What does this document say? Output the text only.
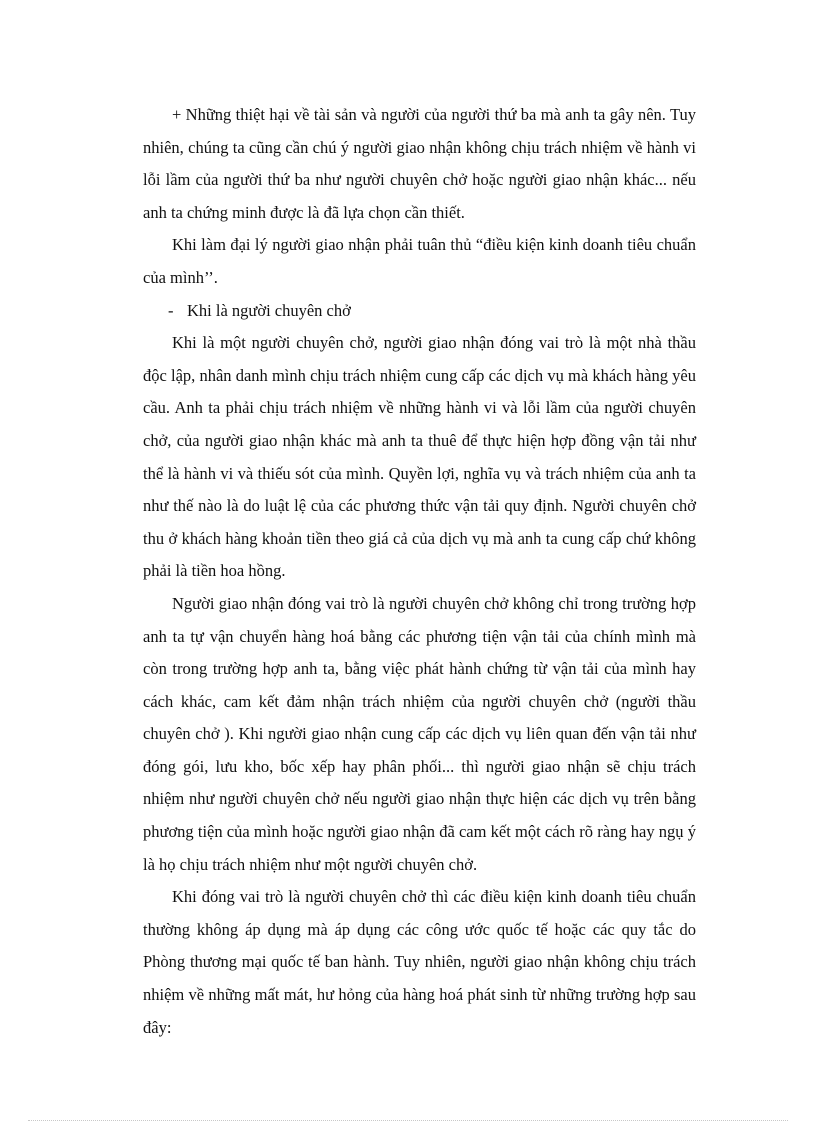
+ Những thiệt hại về tài sản và người của người thứ ba mà anh ta gây nên. Tuy nhiên, chúng ta cũng cần chú ý người giao nhận không chịu trách nhiệm về hành vi lỗi lầm của người thứ ba như người chuyên chở hoặc người giao nhận khác... nếu anh ta chứng minh được là đã lựa chọn cần thiết.

Khi làm đại lý người giao nhận phải tuân thủ “điều kiện kinh doanh tiêu chuẩn của mình’’.

- Khi là người chuyên chở

Khi là một người chuyên chở, người giao nhận đóng vai trò là một nhà thầu độc lập, nhân danh mình chịu trách nhiệm cung cấp các dịch vụ mà khách hàng yêu cầu. Anh ta phải chịu trách nhiệm về những hành vi và lỗi lầm của người chuyên chở, của người giao nhận khác mà anh ta thuê để thực hiện hợp đồng vận tải như thể là hành vi và thiếu sót của mình. Quyền lợi, nghĩa vụ và trách nhiệm của anh ta như thế nào là do luật lệ của các phương thức vận tải quy định. Người chuyên chở thu ở khách hàng khoản tiền theo giá cả của dịch vụ mà anh ta cung cấp chứ không phải là tiền hoa hồng.

Người giao nhận đóng vai trò là người chuyên chở không chỉ trong trường hợp anh ta tự vận chuyển hàng hoá bằng các phương tiện vận tải của chính mình mà còn trong trường hợp anh ta, bằng việc phát hành chứng từ vận tải của mình hay cách khác, cam kết đảm nhận trách nhiệm của người chuyên chở (người thầu chuyên chở ). Khi người giao nhận cung cấp các dịch vụ liên quan đến vận tải như đóng gói, lưu kho, bốc xếp hay phân phối... thì người giao nhận sẽ chịu trách nhiệm như người chuyên chở nếu người giao nhận thực hiện các dịch vụ trên bằng phương tiện của mình hoặc người giao nhận đã cam kết một cách rõ ràng hay ngụ ý là họ chịu trách nhiệm như một người chuyên chở.

Khi đóng vai trò là người chuyên chở thì các điều kiện kinh doanh tiêu chuẩn thường không áp dụng mà áp dụng các công ước quốc tế hoặc các quy tắc do Phòng thương mại quốc tế ban hành. Tuy nhiên, người giao nhận không chịu trách nhiệm về những mất mát, hư hỏng của hàng hoá phát sinh từ những trường hợp sau đây:
